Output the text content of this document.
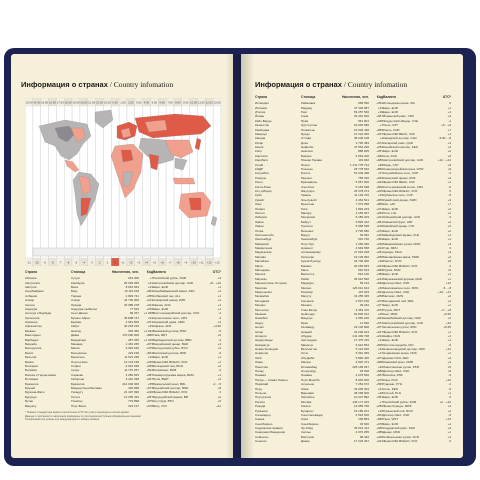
Информация о странах / Country infomation
13:00 14:00 15:00 16:00 17:00 18:00 19:00 20:00 21:00 22:00 23:00 0:00 1:00 2:00 3:00 4:00 5:00 6:00 7:00 8:00 9:00 10:00 11:00 12:00 13:00
-11 -10 -9 -8 -7 -6 -5 -4 -3 -2 -1 0 +1 +2 +3 +4 +5 +6 +7 +8 +9 +10 +11 +12 +13
Страна	Столица	Населения, чел.	Код Валюта	UTC*
Абхазия	Сухум	243 206	+7 Российский рубль, RUB	+3
Австралия	Канберра	25 693 059	+61 Австралийский доллар, AUD	+8…+10
Австрия	Вена	8 932 664	+43 Евро, EUR	+1
Азербайджан	Баку	10 119 100	+994 Азербайджанский манат, AZN	+4
Албания	Тирана	2 829 741	+355 Албанский лек, ALL	+1
Алжир	Алжир	44 700 000	+213 Алжирский динар, DZD	+1
Ангола	Луанда	33 086 278	+244 Кванза, AOA	+1
Андорра	Андорра-ла-Велья	77 543	+376 Евро, EUR	+1
Антигуа и Барбуда	Сент-Джонс	99 337	+1 268 Восточнокарибский доллар, XCD	-4
Аргентина	Буэнос-Айрес	45 808 747	+54 Аргентинское песо, ARS	-3
Армения	Ереван	2 961 500	+374 Армянский драм, AMD	+4
Афганистан	Кабул	40 218 234	+93 Афгани, AFN	+4:30
Багамы	Нассау	393 450	+1 242 Багамский доллар, BSD	-5
Бангладеш	Дакка	170 000 000	+880 Така, BDT	+6
Барбадос	Бриджтаун	287 025	+1 246 Барбадосский доллар, BBD	-4
Бахрейн	Манама	1 463 265	+973 Бахрейнский динар, BHD	+3
Белоруссия	Минск	9 349 645	+375 Белорусский рубль, BYN	+3
Белиз	Бельмопан	419 199	+501 Белизский доллар, BZD	-6
Бельгия	Брюссель	11 521 238	+32 Евро, EUR	+1
Бенин	Порто-Ново	12 123 198	+229 Франк КФА BCEAO, XOF	+1
Болгария	София	6 916 548	+359 Болгарский лев, BGN	+2
Боливия	Сукре	11 797 257	+591 Боливиано, BOB	-4
Босния и Герцеговина	Сараево	3 280 815	+387 Конвертируемая марка, BAM	+1
Ботсвана	Габороне	2 410 338	+267 Пула, BWP	+2
Бразилия	Бразилиа	214 000 000	+55 Бразильский реал, BRL	-2…-5
Бруней	Бандар-Сери-Бегаван	429 999	+673 Брунейский доллар, BND	+8
Буркина-Фасо	Уагадугу	21 497 096	+226 Франк КФА BCEAO, XOF	0
Бурунди	Гитега	12 255 433	+257 Бурундийский франк, BIF	+2
Бутан	Тхимпху	779 898	+975 Нгултрум, BTN	+6
Вануату	Порт-Вила	319 137	+678 Вату, VUV	+11
* Указано стандартное время относительно UTC без учёта перехода на летнее время.
Данные о численности населения приведены по последним доступным официальным оценкам.
Телефонный код указан для международного набора номера.
Информация о странах / Country infomation
Страна	Столица	Населения, чел.	Код Валюта	UTC*
Исландия	Рейкьявик	368 590	+354 Исландская крона, ISK	0
Испания	Мадрид	47 326 687	+34 Евро, EUR	+1
Италия	Рим	59 257 566	+39 Евро, EUR	+1
Йемен	Сана	30 491 000	+967 Йеменский риал, YER	+3
Кабо-Верде	Прая	561 901	+238 Эскудо Кабо-Верде, CVE	-1
Казахстан	Нур-Султан	19 002 586	+7 Тенге, KZT	+5…+6
Камбоджа	Пномпень	16 946 438	+855 Риель, KHR	+7
Камерун	Яунде	27 224 265	+237 Франк КФА BEAC, XAF	+1
Канада	Оттава	38 246 108	+1 Канадский доллар, CAD	-3:30…-8
Катар	Доха	2 795 484	+974 Катарский риал, QAR	+3
Кения	Найроби	47 564 296	+254 Кенийский шиллинг, KES	+3
Кипр	Никосия	888 005	+357 Евро, EUR	+2
Киргизия	Бишкек	6 694 200	+996 Сом, KGS	+6
Кирибати	Южная Тарава	119 940	+686 Австралийский доллар, AUD	+12…+14
Китай	Пекин	1 411 778 724	+86 Юань, CNY	+8
КНДР	Пхеньян	25 778 815	+850 Северокорейская вона, KPW	+9
Колумбия	Богота	51 049 498	+57 Колумбийское песо, COP	-5
Коморы	Морони	758 316	+269 Коморский франк, KMF	+3
Конго	Браззавиль	5 657 000	+242 Франк КФА BEAC, XAF	+1
Коста-Рика	Сан-Хосе	5 163 038	+506 Коста-риканский колон, CRC	-6
Кот-д'Ивуар	Ямусукро	26 378 274	+225 Франк КФА BCEAO, XOF	0
Куба	Гавана	11 193 470	+53 Кубинское песо, CUP	-5
Кувейт	Эль-Кувейт	4 464 521	+965 Кувейтский динар, KWD	+3
Лаос	Вьентьян	7 379 358	+856 Кип, LAK	+7
Латвия	Рига	1 893 223	+371 Евро, EUR	+2
Лесото	Масеру	2 159 067	+266 Лоти, LSL	+2
Либерия	Монровия	5 180 203	+231 Либерийский доллар, LRD	0
Ливан	Бейрут	6 825 442	+961 Ливанский фунт, LBP	+2
Ливия	Триполи	6 958 538	+218 Ливийский динар, LYD	+2
Литва	Вильнюс	2 795 680	+370 Евро, EUR	+2
Лихтенштейн	Вадуц	39 062	+423 Швейцарский франк, CHF	+1
Люксембург	Люксембург	634 730	+352 Евро, EUR	+1
Маврикий	Порт-Луи	1 266 030	+230 Маврикийская рупия, MUR	+4
Мавритания	Нуакшот	4 649 658	+222 Угия, MRU	0
Мадагаскар	Антананариву	27 691 018	+261 Ариари, MGA	+3
Малави	Лилонгве	19 129 952	+265 Малавийская квача, MWK	+2
Малайзия	Куала-Лумпур	32 730 000	+60 Ринггит, MYR	+8
Мали	Бамако	20 250 833	+223 Франк КФА BCEAO, XOF	0
Мальдивы	Мале	540 544	+960 Руфия, MVR	+5
Мальта	Валлетта	516 100	+356 Евро, EUR	+1
Марокко	Рабат	36 910 560	+212 Марокканский дирхам, MAD	+1
Маршалловы Острова	Маджуро	59 194	+692 Доллар США, USD	+12
Мексика	Мехико	126 014 024	+52 Мексиканское песо, MXN	-5…-8
Микронезия	Паликир	115 023	+691 Доллар США, USD	+10…+11
Мозамбик	Мапуту	31 255 435	+258 Метикал, MZN	+2
Молдавия	Кишинёв	2 597 100	+373 Молдавский лей, MDL	+2
Монако	Монако	39 242	+377 Евро, EUR	+1
Монголия	Улан-Батор	3 353 470	+976 Тугрик, MNT	+7…+8
Мьянма	Нейпьидо	54 806 012	+95 Кьят, MMK	+6:30
Намибия	Виндхук	2 550 226	+264 Намибийский доллар, NAD	+2
Науру	Ярен	11 690	+674 Австралийский доллар, AUD	+12
Непал	Катманду	29 136 808	+977 Непальская рупия, NPR	+5:45
Нигер	Ниамей	24 206 644	+227 Франк КФА BCEAO, XOF	+1
Нигерия	Абуджа	211 400 708	+234 Найра, NGN	+1
Нидерланды	Амстердам	17 475 415	+31 Евро, EUR	+1
Никарагуа	Манагуа	6 624 554	+505 Золотая кордоба, NIO	-6
Новая Зеландия	Веллингтон	5 122 600	+64 Новозеландский доллар, NZD	+12
Норвегия	Осло	5 391 369	+47 Норвежская крона, NOK	+1
ОАЭ	Абу-Даби	9 890 400	+971 Дирхам ОАЭ, AED	+4
Оман	Маскат	4 520 471	+968 Оманский риал, OMR	+4
Пакистан	Исламабад	225 199 937	+92 Пакистанская рупия, PKR	+5
Палау	Нгерулмуд	18 008	+680 Доллар США, USD	+9
Панама	Панама	4 278 500	+507 Бальбоа, PAB	-5
Папуа — Новая Гвинея	Порт-Морсби	8 935 000	+675 Кина, PGK	+10
Парагвай	Асунсьон	7 252 672	+595 Гуарани, PYG	-4
Перу	Лима	33 035 304	+51 Соль, PEN	-5
Польша	Варшава	38 268 000	+48 Злотый, PLN	+1
Португалия	Лиссабон	10 347 892	+351 Евро, EUR	0
Россия	Москва	146 171 015	+7 Российский рубль, RUB	+2…+12
Руанда	Кигали	12 955 768	+250 Франк Руанды, RWF	+2
Румыния	Бухарест	19 186 201	+40 Румынский лей, RON	+2
Сальвадор	Сан-Сальвадор	6 518 500	+503 Доллар США, USD	-6
Самоа	Апиа	199 853	+685 Тала, WST	+13
Сан-Марино	Сан-Марино	33 600	+378 Евро, EUR	+1
Саудовская Аравия	Эр-Рияд	35 013 414	+966 Саудовский риял, SAR	+3
Северная Македония	Скопье	2 076 255	+389 Денар, MKD	+1
Сейшелы	Виктория	98 462	+248 Сейшельская рупия, SCR	+4
Сенегал	Дакар	17 223 497	+221 Франк КФА BCEAO, XOF	0
